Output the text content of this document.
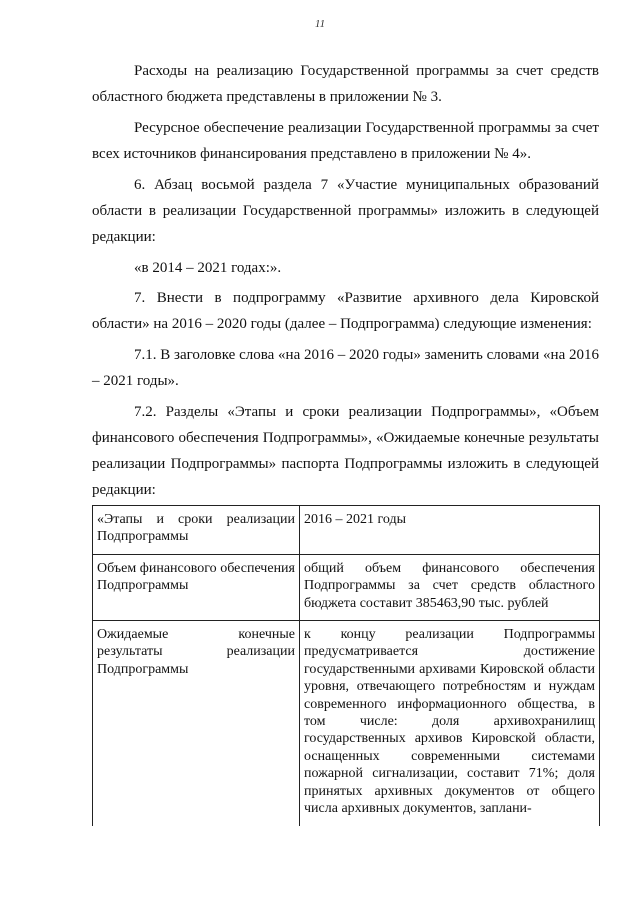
11

Расходы на реализацию Государственной программы за счет средств областного бюджета представлены в приложении № 3.

Ресурсное обеспечение реализации Государственной программы за счет всех источников финансирования представлено в приложении № 4».

6. Абзац восьмой раздела 7 «Участие муниципальных образований области в реализации Государственной программы» изложить в следующей редакции:

«в 2014 – 2021 годах:».

7. Внести в подпрограмму «Развитие архивного дела Кировской области» на 2016 – 2020 годы (далее – Подпрограмма) следующие изменения:

7.1. В заголовке слова «на 2016 – 2020 годы» заменить словами «на 2016 – 2021 годы».

7.2. Разделы «Этапы и сроки реализации Подпрограммы», «Объем финансового обеспечения Подпрограммы», «Ожидаемые конечные результаты реализации Подпрограммы» паспорта Подпрограммы изложить в следующей редакции:

«Этапы и сроки реализации Подпрограммы	2016 – 2021 годы
Объем финансового обеспечения Подпрограммы	общий объем финансового обеспечения Подпрограммы за счет средств областного бюджета составит 385463,90 тыс. рублей
Ожидаемые конечные результаты реализации Подпрограммы	к концу реализации Подпрограммы предусматривается достижение государственными архивами Кировской области уровня, отвечающего потребностям и нуждам современного информационного общества, в том числе: доля архивохранилищ государственных архивов Кировской области, оснащенных современными системами пожарной сигнализации, составит 71%; доля принятых архивных документов от общего числа архивных документов, заплани-
